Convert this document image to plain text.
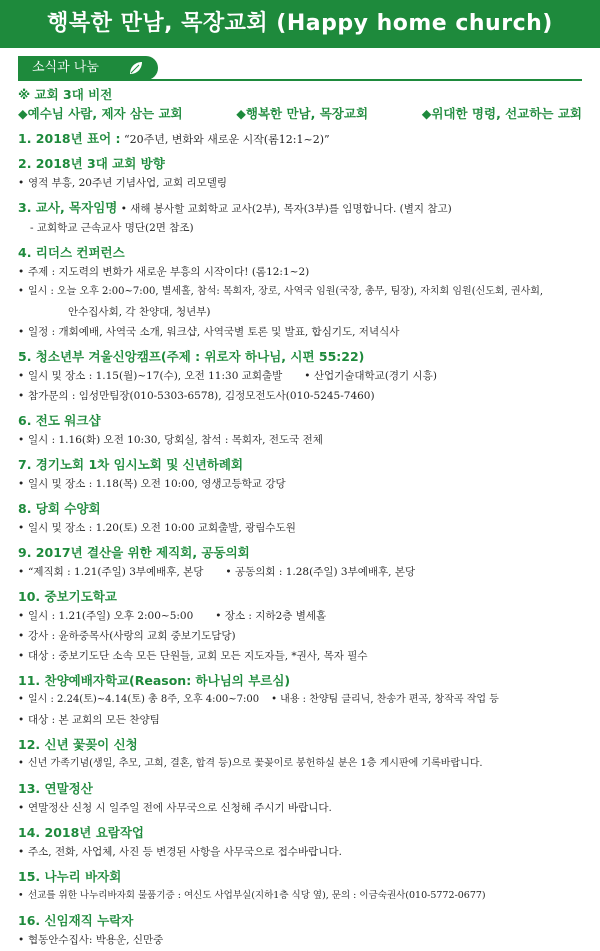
행복한 만남, 목장교회 (Happy home church)
소식과 나눔
※ 교회 3대 비전
◆예수님 사람, 제자 삼는 교회	◆행복한 만남, 목장교회	◆위대한 명령, 선교하는 교회
1. 2018년 표어 : “20주년, 변화와 새로운 시작(롬12:1~2)”
2. 2018년 3대 교회 방향
• 영적 부흥, 20주년 기념사업, 교회 리모델링
3. 교사, 목자임명 • 새해 봉사할 교회학교 교사(2부), 목자(3부)를 임명합니다. (별지 참고)
- 교회학교 근속교사 명단(2면 참조)
4. 리더스 컨퍼런스
• 주제 : 지도력의 변화가 새로운 부흥의 시작이다! (롬12:1~2)
• 일시 : 오늘 오후 2:00~7:00, 별세홀, 참석: 목회자, 장로, 사역국 임원(국장, 총무, 팀장), 자치회 임원(신도회, 권사회,
안수집사회, 각 찬양대, 청년부)
• 일정 : 개회예배, 사역국 소개, 워크샵, 사역국별 토론 및 발표, 합심기도, 저녁식사
5. 청소년부 겨울신앙캠프(주제 : 위로자 하나님, 시편 55:22)
• 일시 및 장소 : 1.15(월)~17(수), 오전 11:30 교회출발	• 산업기술대학교(경기 시흥)
• 참가문의 : 임성만팀장(010-5303-6578), 김정모전도사(010-5245-7460)
6. 전도 워크샵
• 일시 : 1.16(화) 오전 10:30, 당회실, 참석 : 목회자, 전도국 전체
7. 경기노회 1차 임시노회 및 신년하례회
• 일시 및 장소 : 1.18(목) 오전 10:00, 영생고등학교 강당
8. 당회 수양회
• 일시 및 장소 : 1.20(토) 오전 10:00 교회출발, 광림수도원
9. 2017년 결산을 위한 제직회, 공동의회
• “제직회 : 1.21(주일) 3부예배후, 본당	• 공동의회 : 1.28(주일) 3부예배후, 본당
10. 중보기도학교
• 일시 : 1.21(주일) 오후 2:00~5:00	• 장소 : 지하2층 별세홀
• 강사 : 윤하중목사(사랑의 교회 중보기도담당)
• 대상 : 중보기도단 소속 모든 단원들, 교회 모든 지도자들, *권사, 목자 필수
11. 찬양예배자학교(Reason: 하나님의 부르심)
• 일시 : 2.24(토)~4.14(토) 총 8주, 오후 4:00~7:00 • 내용 : 찬양팀 클리닉, 찬송가 편곡, 창작곡 작업 등
• 대상 : 본 교회의 모든 찬양팀
12. 신년 꽃꽂이 신청
• 신년 가족기념(생일, 추모, 고희, 결혼, 합격 등)으로 꽃꽂이로 봉헌하실 분은 1층 게시판에 기록바랍니다.
13. 연말정산
• 연말정산 신청 시 일주일 전에 사무국으로 신청해 주시기 바랍니다.
14. 2018년 요람작업
• 주소, 전화, 사업체, 사진 등 변경된 사항을 사무국으로 접수바랍니다.
15. 나누리 바자회
• 선교를 위한 나누리바자회 물품기증 : 여신도 사업부실(지하1층 식당 옆), 문의 : 이금숙권사(010-5772-0677)
16. 신임재직 누락자
• 협동안수집사: 박용운, 신만중
